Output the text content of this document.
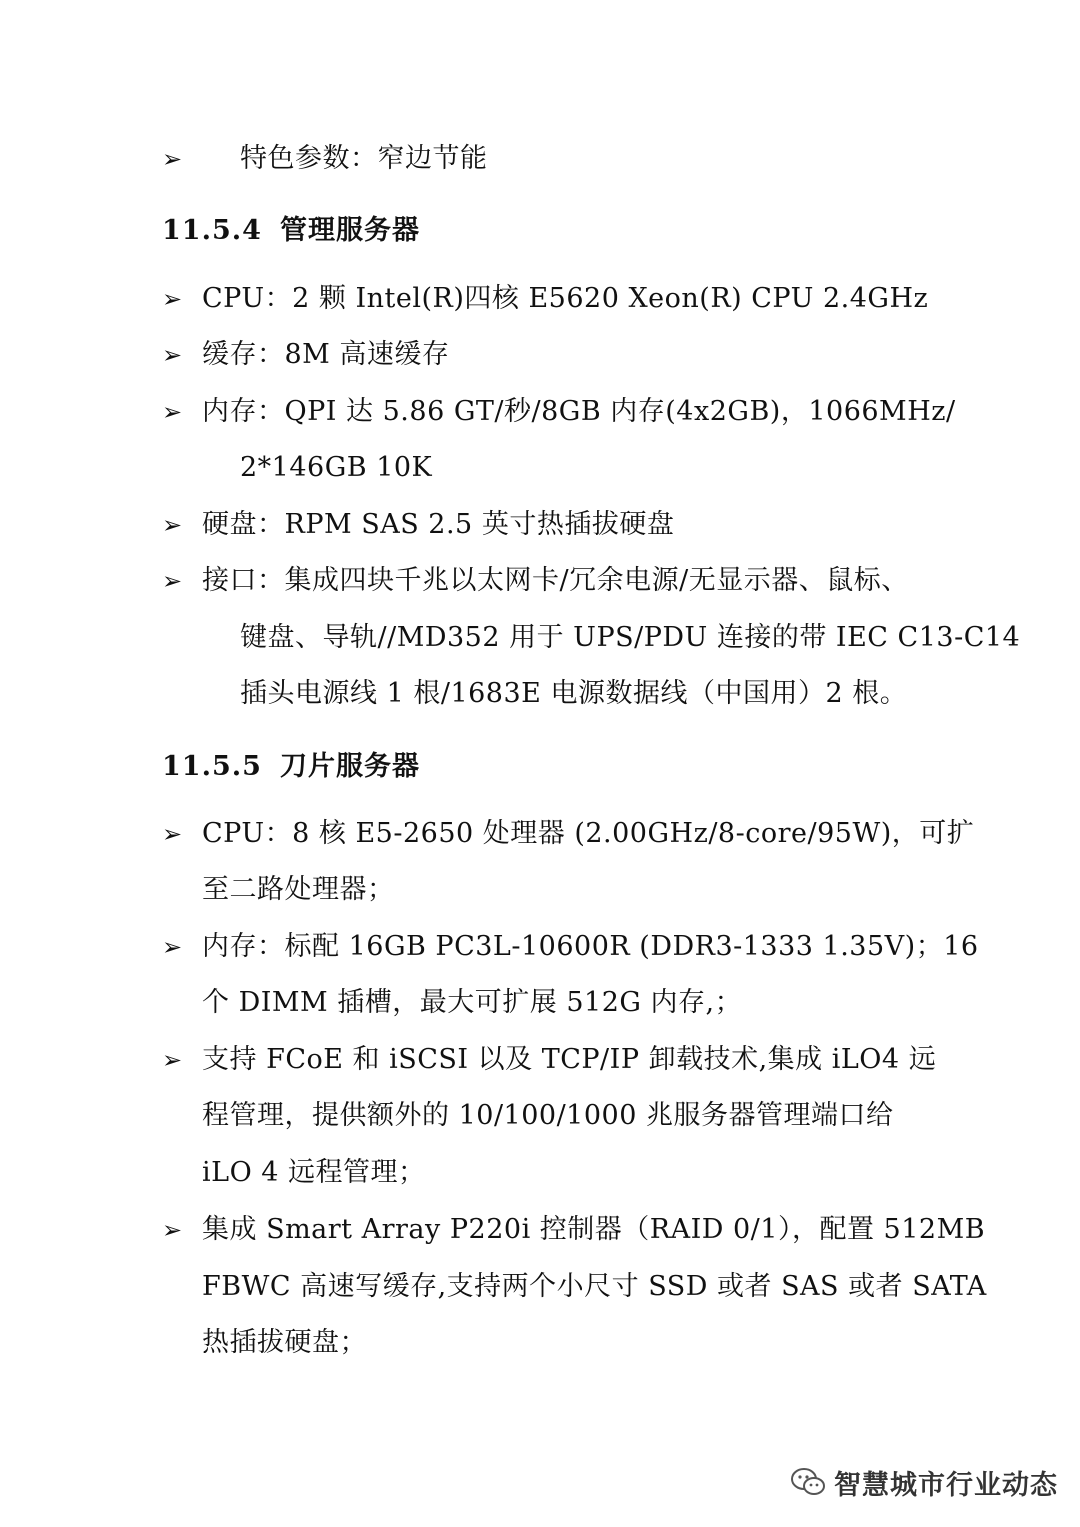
➢ 特色参数：窄边节能
11.5.4 管理服务器
➢ CPU：2 颗 Intel(R)四核 E5620 Xeon(R) CPU 2.4GHz
➢ 缓存：8M 高速缓存
➢ 内存：QPI 达 5.86 GT/秒/8GB 内存(4x2GB)，1066MHz/
2*146GB 10K
➢ 硬盘：RPM SAS 2.5 英寸热插拔硬盘
➢ 接口：集成四块千兆以太网卡/冗余电源/无显示器、鼠标、
键盘、导轨//MD352 用于 UPS/PDU 连接的带 IEC C13-C14
插头电源线 1 根/1683E 电源数据线（中国用）2 根。
11.5.5 刀片服务器
➢ CPU：8 核 E5-2650 处理器 (2.00GHz/8-core/95W)，可扩
至二路处理器；
➢ 内存：标配 16GB PC3L-10600R (DDR3-1333 1.35V)；16
个 DIMM 插槽，最大可扩展 512G 内存,；
➢ 支持 FCoE 和 iSCSI 以及 TCP/IP 卸载技术,集成 iLO4 远
程管理，提供额外的 10/100/1000 兆服务器管理端口给
iLO 4 远程管理；
➢ 集成 Smart Array P220i 控制器（RAID 0/1），配置 512MB
FBWC 高速写缓存,支持两个小尺寸 SSD 或者 SAS 或者 SATA
热插拔硬盘；
智慧城市行业动态
